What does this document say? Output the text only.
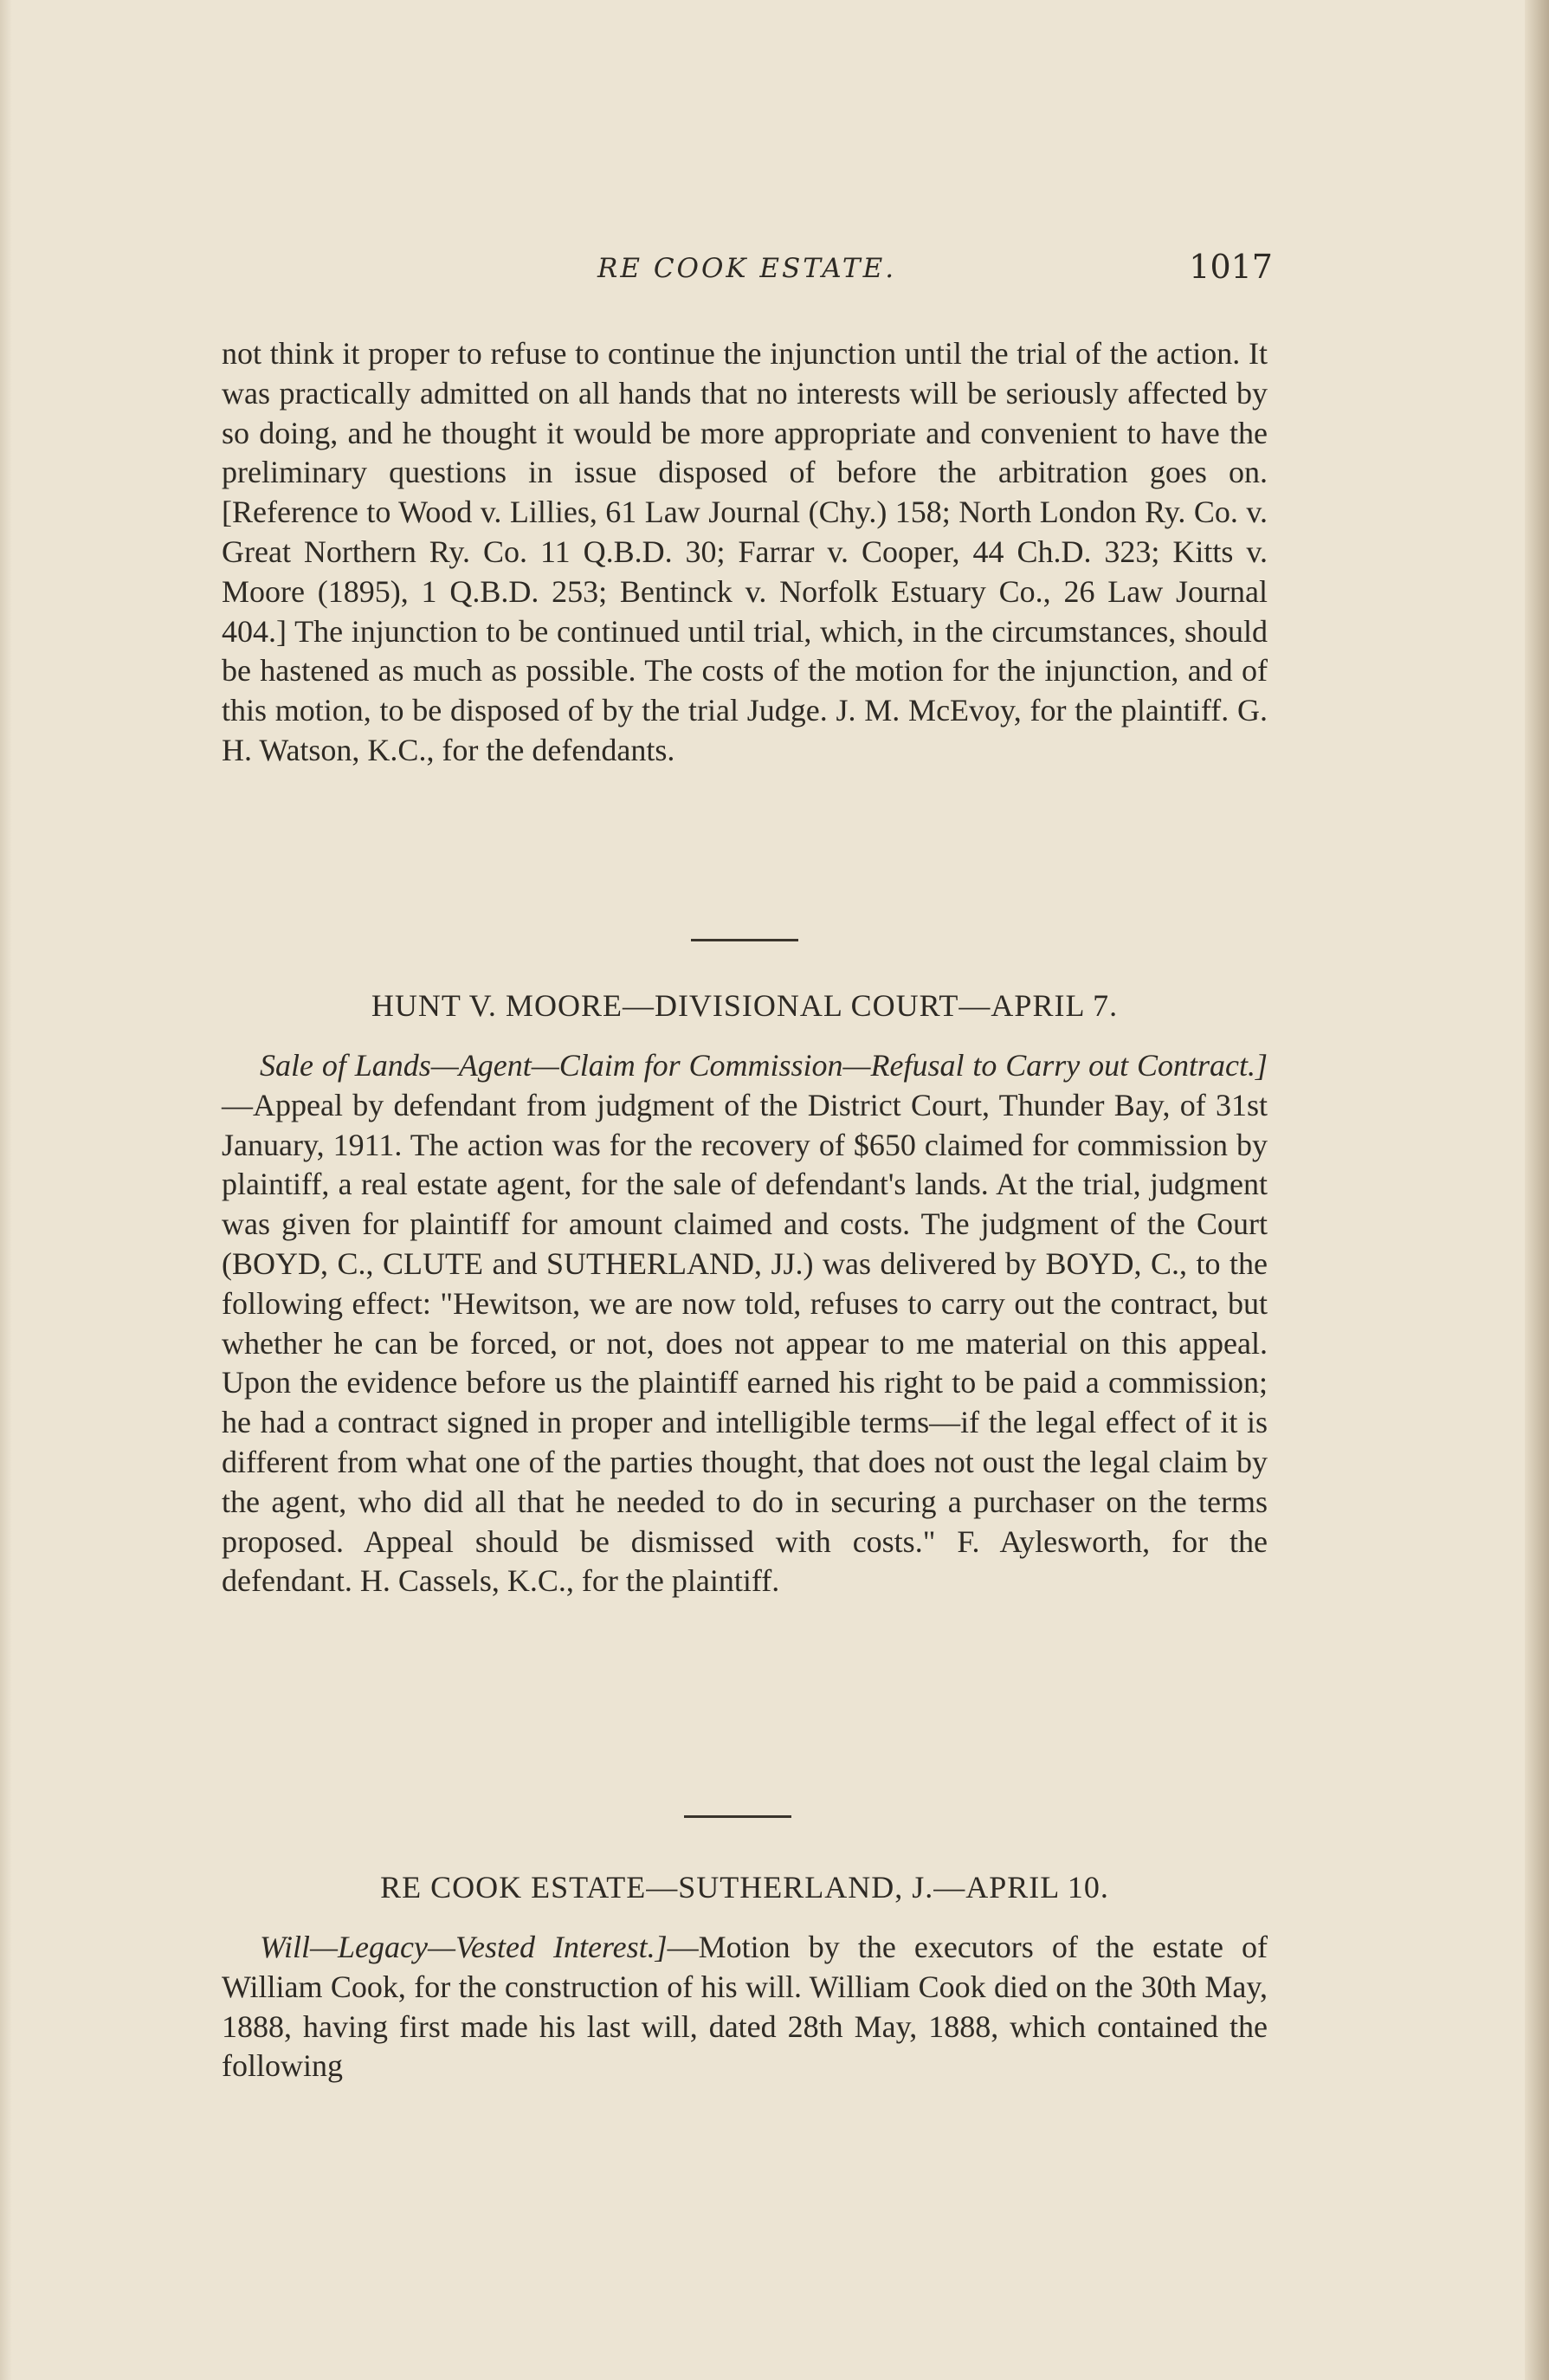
RE COOK ESTATE.	1017

not think it proper to refuse to continue the injunction until the trial of the action. It was practically admitted on all hands that no interests will be seriously affected by so doing, and he thought it would be more appropriate and convenient to have the preliminary questions in issue disposed of before the arbitration goes on. [Reference to Wood v. Lillies, 61 Law Journal (Chy.) 158; North London Ry. Co. v. Great Northern Ry. Co. 11 Q.B.D. 30; Farrar v. Cooper, 44 Ch.D. 323; Kitts v. Moore (1895), 1 Q.B.D. 253; Bentinck v. Norfolk Estuary Co., 26 Law Journal 404.] The injunction to be continued until trial, which, in the circumstances, should be hastened as much as possible. The costs of the motion for the injunction, and of this motion, to be disposed of by the trial Judge. J. M. McEvoy, for the plaintiff. G. H. Watson, K.C., for the defendants.

HUNT V. MOORE—DIVISIONAL COURT—APRIL 7.

Sale of Lands—Agent—Claim for Commission—Refusal to Carry out Contract.]—Appeal by defendant from judgment of the District Court, Thunder Bay, of 31st January, 1911. The action was for the recovery of $650 claimed for commission by plaintiff, a real estate agent, for the sale of defendant's lands. At the trial, judgment was given for plaintiff for amount claimed and costs. The judgment of the Court (BOYD, C., CLUTE and SUTHERLAND, JJ.) was delivered by BOYD, C., to the following effect: "Hewitson, we are now told, refuses to carry out the contract, but whether he can be forced, or not, does not appear to me material on this appeal. Upon the evidence before us the plaintiff earned his right to be paid a commission; he had a contract signed in proper and intelligible terms—if the legal effect of it is different from what one of the parties thought, that does not oust the legal claim by the agent, who did all that he needed to do in securing a purchaser on the terms proposed. Appeal should be dismissed with costs." F. Aylesworth, for the defendant. H. Cassels, K.C., for the plaintiff.

RE COOK ESTATE—SUTHERLAND, J.—APRIL 10.

Will—Legacy—Vested Interest.]—Motion by the executors of the estate of William Cook, for the construction of his will. William Cook died on the 30th May, 1888, having first made his last will, dated 28th May, 1888, which contained the following
